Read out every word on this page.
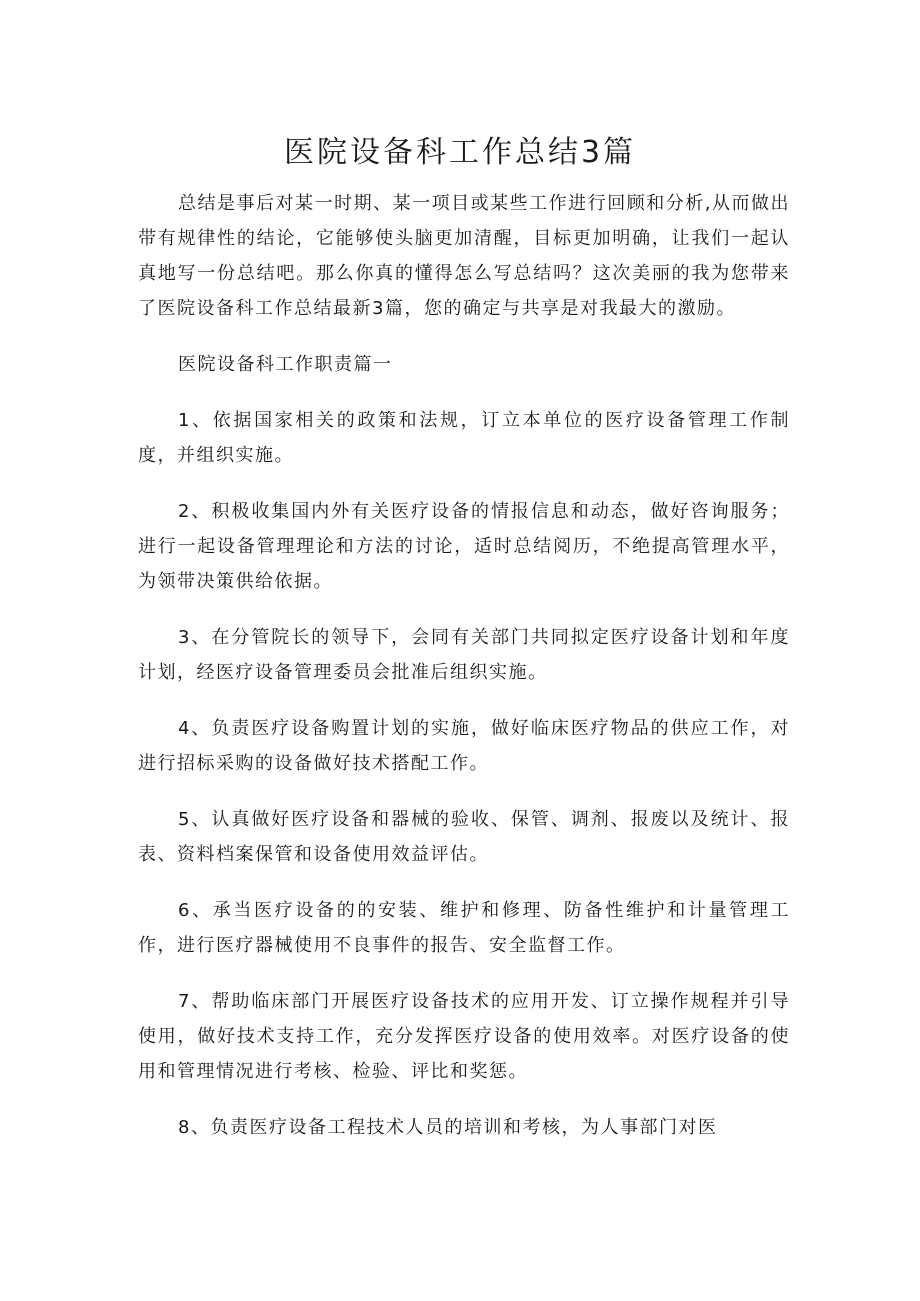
医院设备科工作总结3篇

总结是事后对某一时期、某一项目或某些工作进行回顾和分析,从而做出带有规律性的结论，它能够使头脑更加清醒，目标更加明确，让我们一起认真地写一份总结吧。那么你真的懂得怎么写总结吗？这次美丽的我为您带来了医院设备科工作总结最新3篇，您的确定与共享是对我最大的激励。

医院设备科工作职责篇一

1、依据国家相关的政策和法规，订立本单位的医疗设备管理工作制度，并组织实施。

2、积极收集国内外有关医疗设备的情报信息和动态，做好咨询服务；进行一起设备管理理论和方法的讨论，适时总结阅历，不绝提高管理水平，为领带决策供给依据。

3、在分管院长的领导下，会同有关部门共同拟定医疗设备计划和年度计划，经医疗设备管理委员会批准后组织实施。

4、负责医疗设备购置计划的实施，做好临床医疗物品的供应工作，对进行招标采购的设备做好技术搭配工作。

5、认真做好医疗设备和器械的验收、保管、调剂、报废以及统计、报表、资料档案保管和设备使用效益评估。

6、承当医疗设备的的安装、维护和修理、防备性维护和计量管理工作，进行医疗器械使用不良事件的报告、安全监督工作。

7、帮助临床部门开展医疗设备技术的应用开发、订立操作规程并引导使用，做好技术支持工作，充分发挥医疗设备的使用效率。对医疗设备的使用和管理情况进行考核、检验、评比和奖惩。

8、负责医疗设备工程技术人员的培训和考核，为人事部门对医
